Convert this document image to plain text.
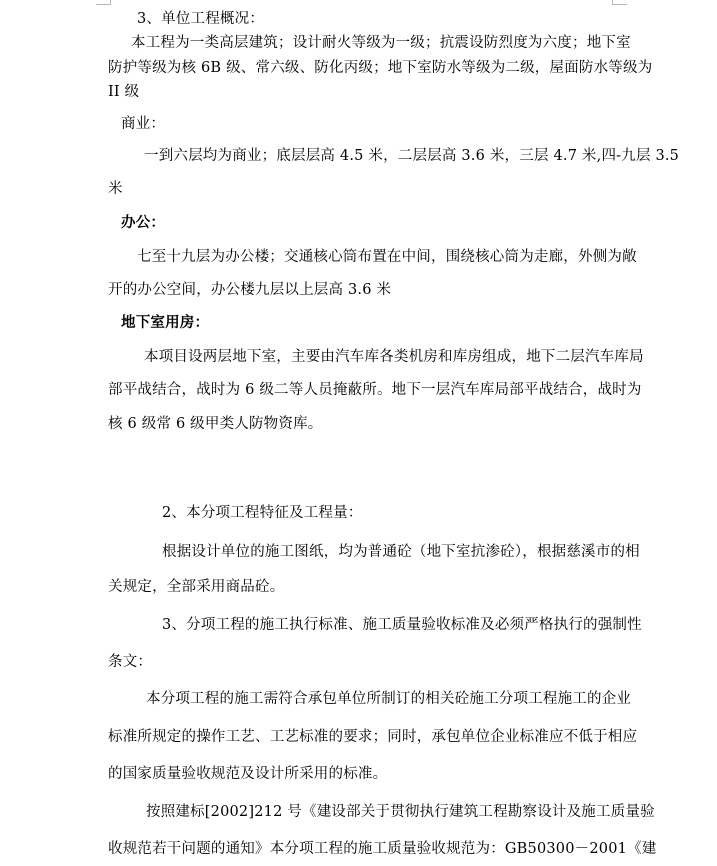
3、单位工程概况：
本工程为一类高层建筑；设计耐火等级为一级；抗震设防烈度为六度；地下室
防护等级为核 6B 级、常六级、防化丙级；地下室防水等级为二级，屋面防水等级为
II 级
商业：
一到六层均为商业；底层层高 4.5 米，二层层高 3.6 米，三层 4.7 米,四-九层 3.5
米
办公：
七至十九层为办公楼；交通核心筒布置在中间，围绕核心筒为走廊，外侧为敞
开的办公空间，办公楼九层以上层高 3.6 米
地下室用房：
本项目设两层地下室，主要由汽车库各类机房和库房组成，地下二层汽车库局
部平战结合，战时为 6 级二等人员掩蔽所。地下一层汽车库局部平战结合，战时为
核 6 级常 6 级甲类人防物资库。
2、本分项工程特征及工程量：
根据设计单位的施工图纸，均为普通砼（地下室抗渗砼），根据慈溪市的相
关规定，全部采用商品砼。
3、分项工程的施工执行标准、施工质量验收标准及必须严格执行的强制性
条文：
本分项工程的施工需符合承包单位所制订的相关砼施工分项工程施工的企业
标准所规定的操作工艺、工艺标准的要求；同时，承包单位企业标准应不低于相应
的国家质量验收规范及设计所采用的标准。
按照建标[2002]212 号《建设部关于贯彻执行建筑工程勘察设计及施工质量验
收规范若干问题的通知》本分项工程的施工质量验收规范为：GB50300－2001《建
